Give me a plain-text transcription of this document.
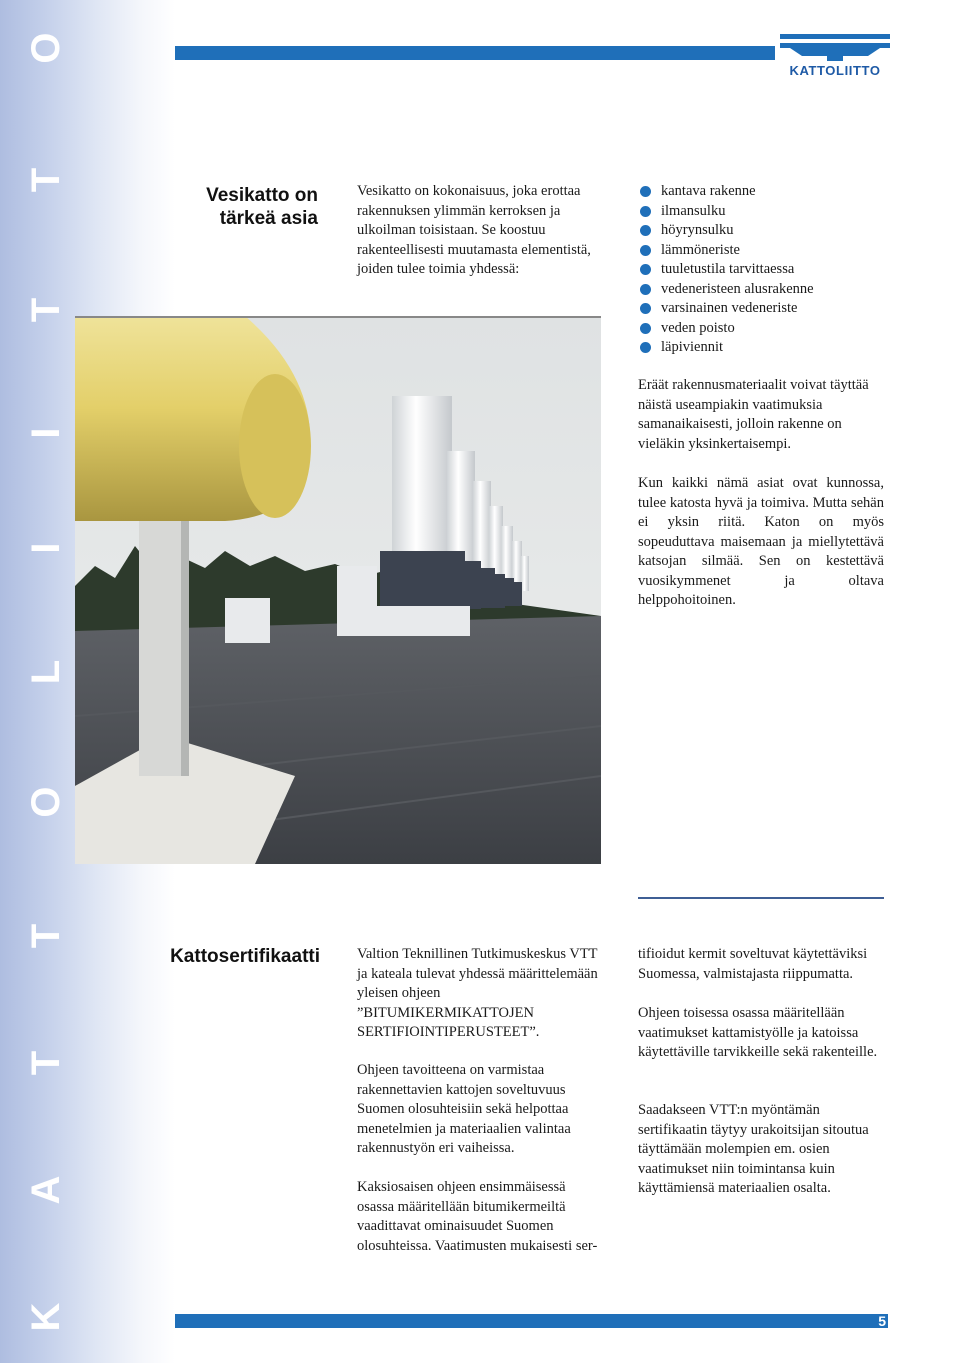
K
A
T
T
O
L
I
I
T
T
O
KATTOLIITTO
Vesikatto on
tärkeä asia

Vesikatto on kokonaisuus, joka erottaa rakennuksen ylimmän kerroksen ja ulkoilman toisistaan. Se koostuu rakenteellisesti muutamasta elementistä, joiden tulee toimia yhdessä:

kantava rakenne
ilmansulku
höyrynsulku
lämmöneriste
tuuletustila tarvittaessa
vedeneristeen alusrakenne
varsinainen vedeneriste
veden poisto
läpiviennit

Eräät rakennusmateriaalit voivat täyttää näistä useampiakin vaatimuksia samanaikaisesti, jolloin rakenne on vieläkin yksinkertaisempi.

Kun kaikki nämä asiat ovat kunnossa, tulee katosta hyvä ja toimiva. Mutta sehän ei yksin riitä. Katon on myös sopeuduttava maisemaan ja miellytettävä katsojan silmää. Sen on kestettävä vuosikymmenet ja oltava helppohoitoinen.

Kattosertifikaatti	Valtion Teknillinen Tutkimuskeskus VTT ja kateala tulevat yhdessä määrittelemään yleisen ohjeen ”BITUMIKERMIKATTOJEN SERTIFIOINTIPERUSTEET”.

Ohjeen tavoitteena on varmistaa rakennettavien kattojen soveltuvuus Suomen olosuhteisiin sekä helpottaa menetelmien ja materiaalien valintaa rakennustyön eri vaiheissa.

Kaksiosaisen ohjeen ensimmäisessä osassa määritellään bitumikermeiltä vaadittavat ominaisuudet Suomen olosuhteissa. Vaatimusten mukaisesti ser-

tifioidut kermit soveltuvat käytettäviksi Suomessa, valmistajasta riippumatta.

Ohjeen toisessa osassa määritellään vaatimukset kattamistyölle ja katoissa käytettäville tarvikkeille sekä rakenteille.

Saadakseen VTT:n myöntämän sertifikaatin täytyy urakoitsijan sitoutua täyttämään molempien em. osien vaatimukset niin toimintansa kuin käyttämiensä materiaalien osalta.

5
